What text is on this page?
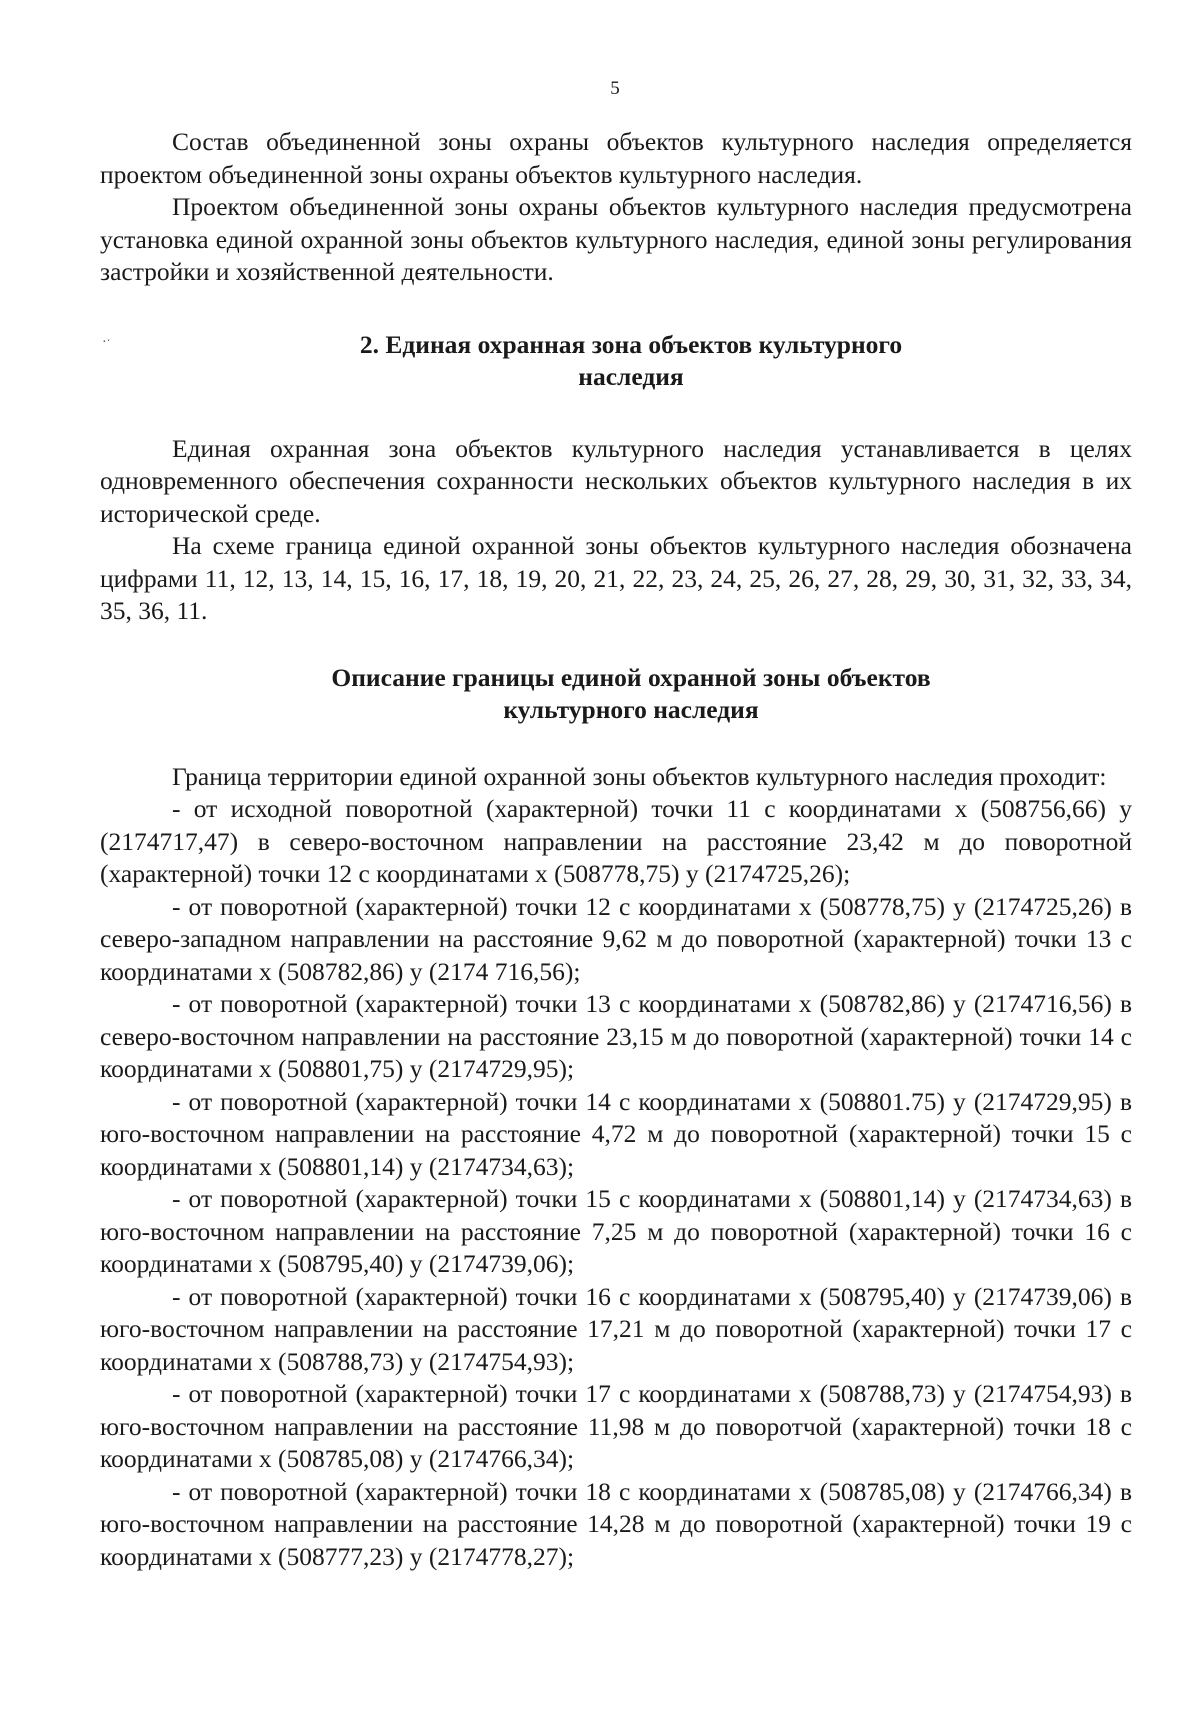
5
·ˑ

Состав объединенной зоны охраны объектов культурного наследия определяется проектом объединенной зоны охраны объектов культурного наследия.

Проектом объединенной зоны охраны объектов культурного наследия предусмотрена установка единой охранной зоны объектов культурного наследия, единой зоны регулирования застройки и хозяйственной деятельности.

2. Единая охранная зона объектов культурного
наследия

Единая охранная зона объектов культурного наследия устанавливается в целях одновременного обеспечения сохранности нескольких объектов культурного наследия в их исторической среде.

На схеме граница единой охранной зоны объектов культурного наследия обозначена цифрами 11, 12, 13, 14, 15, 16, 17, 18, 19, 20, 21, 22, 23, 24, 25, 26, 27, 28, 29, 30, 31, 32, 33, 34, 35, 36, 11.

Описание границы единой охранной зоны объектов
культурного наследия

Граница территории единой охранной зоны объектов культурного наследия проходит:

- от исходной поворотной (характерной) точки 11 с координатами х (508756,66) у (2174717,47) в северо-восточном направлении на расстояние 23,42 м до поворотной (характерной) точки 12 с координатами х (508778,75) у (2174725,26);

- от поворотной (характерной) точки 12 с координатами х (508778,75) у (2174725,26) в северо-западном направлении на расстояние 9,62 м до поворотной (характерной) точки 13 с координатами х (508782,86) у (2174 716,56);

- от поворотной (характерной) точки 13 с координатами х (508782,86) у (2174716,56) в северо-восточном направлении на расстояние 23,15 м до поворотной (характерной) точки 14 с координатами х (508801,75) у (2174729,95);

- от поворотной (характерной) точки 14 с координатами х (508801.75) у (2174729,95) в юго-восточном направлении на расстояние 4,72 м до поворотной (характерной) точки 15 с координатами х (508801,14) у (2174734,63);

- от поворотной (характерной) точки 15 с координатами х (508801,14) у (2174734,63) в юго-восточном направлении на расстояние 7,25 м до поворотной (характерной) точки 16 с координатами х (508795,40) у (2174739,06);

- от поворотной (характерной) точки 16 с координатами х (508795,40) у (2174739,06) в юго-восточном направлении на расстояние 17,21 м до поворотной (характерной) точки 17 с координатами х (508788,73) у (2174754,93);

- от поворотной (характерной) точки 17 с координатами х (508788,73) у (2174754,93) в юго-восточном направлении на расстояние 11,98 м до поворотчой (характерной) точки 18 с координатами х (508785,08) у (2174766,34);

- от поворотной (характерной) точки 18 с координатами х (508785,08) у (2174766,34) в юго-восточном направлении на расстояние 14,28 м до поворотной (характерной) точки 19 с координатами х (508777,23) у (2174778,27);
